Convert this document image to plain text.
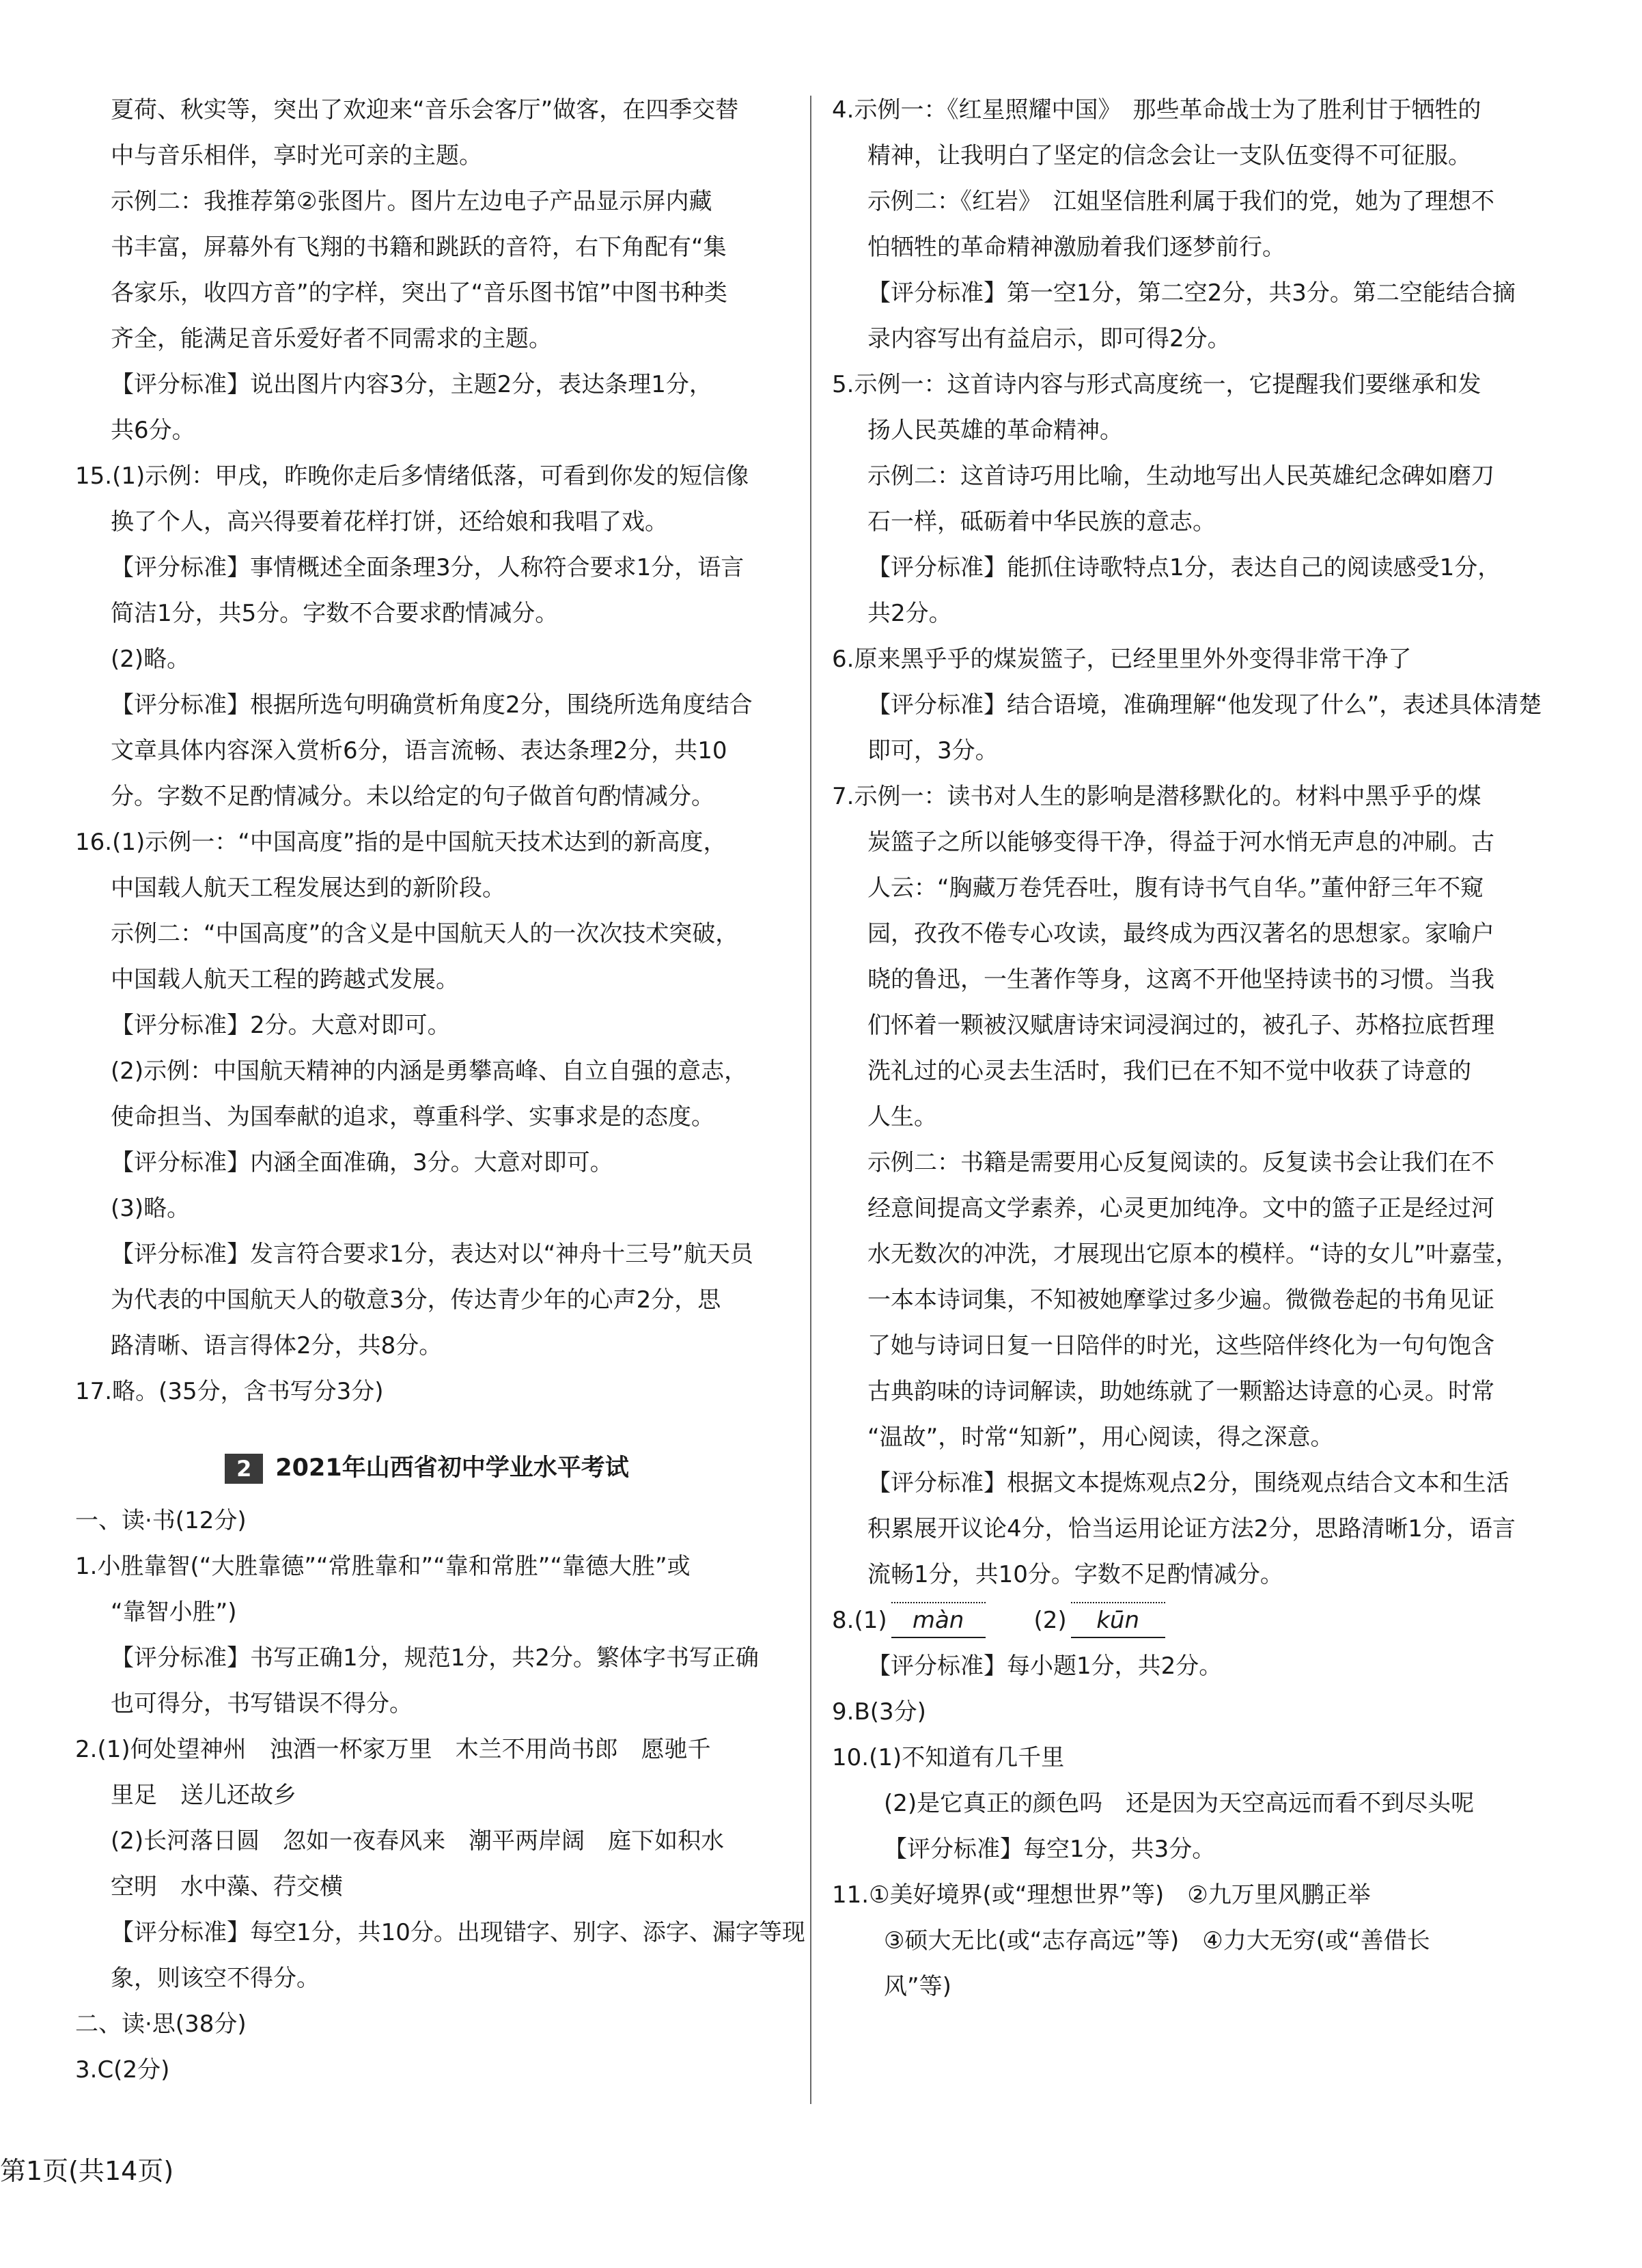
夏荷、秋实等，突出了欢迎来“音乐会客厅”做客，在四季交替

中与音乐相伴，享时光可亲的主题。

示例二：我推荐第②张图片。图片左边电子产品显示屏内藏

书丰富，屏幕外有飞翔的书籍和跳跃的音符，右下角配有“集

各家乐，收四方音”的字样，突出了“音乐图书馆”中图书种类

齐全，能满足音乐爱好者不同需求的主题。

【评分标准】说出图片内容3分，主题2分，表达条理1分，

共6分。

15.(1)示例：甲戌，昨晚你走后多情绪低落，可看到你发的短信像

换了个人，高兴得要着花样打饼，还给娘和我唱了戏。

【评分标准】事情概述全面条理3分，人称符合要求1分，语言

简洁1分，共5分。字数不合要求酌情减分。

(2)略。

【评分标准】根据所选句明确赏析角度2分，围绕所选角度结合

文章具体内容深入赏析6分，语言流畅、表达条理2分，共10

分。字数不足酌情减分。未以给定的句子做首句酌情减分。

16.(1)示例一：“中国高度”指的是中国航天技术达到的新高度，

中国载人航天工程发展达到的新阶段。

示例二：“中国高度”的含义是中国航天人的一次次技术突破，

中国载人航天工程的跨越式发展。

【评分标准】2分。大意对即可。

(2)示例：中国航天精神的内涵是勇攀高峰、自立自强的意志，

使命担当、为国奉献的追求，尊重科学、实事求是的态度。

【评分标准】内涵全面准确，3分。大意对即可。

(3)略。

【评分标准】发言符合要求1分，表达对以“神舟十三号”航天员

为代表的中国航天人的敬意3分，传达青少年的心声2分，思

路清晰、语言得体2分，共8分。

17.略。(35分，含书写分3分)

2 2021年山西省初中学业水平考试

一、读·书(12分)

1.小胜靠智(“大胜靠德”“常胜靠和”“靠和常胜”“靠德大胜”或

“靠智小胜”)

【评分标准】书写正确1分，规范1分，共2分。繁体字书写正确

也可得分，书写错误不得分。

2.(1)何处望神州　浊酒一杯家万里　木兰不用尚书郎　愿驰千

里足　送儿还故乡

(2)长河落日圆　忽如一夜春风来　潮平两岸阔　庭下如积水

空明　水中藻、荇交横

【评分标准】每空1分，共10分。出现错字、别字、添字、漏字等现

象，则该空不得分。

二、读·思(38分)

3.C(2分)

4.示例一：《红星照耀中国》　那些革命战士为了胜利甘于牺牲的

精神，让我明白了坚定的信念会让一支队伍变得不可征服。

示例二：《红岩》　江姐坚信胜利属于我们的党，她为了理想不

怕牺牲的革命精神激励着我们逐梦前行。

【评分标准】第一空1分，第二空2分，共3分。第二空能结合摘

录内容写出有益启示，即可得2分。

5.示例一：这首诗内容与形式高度统一，它提醒我们要继承和发

扬人民英雄的革命精神。

示例二：这首诗巧用比喻，生动地写出人民英雄纪念碑如磨刀

石一样，砥砺着中华民族的意志。

【评分标准】能抓住诗歌特点1分，表达自己的阅读感受1分，

共2分。

6.原来黑乎乎的煤炭篮子，已经里里外外变得非常干净了

【评分标准】结合语境，准确理解“他发现了什么”，表述具体清楚

即可，3分。

7.示例一：读书对人生的影响是潜移默化的。材料中黑乎乎的煤

炭篮子之所以能够变得干净，得益于河水悄无声息的冲刷。古

人云：“胸藏万卷凭吞吐，腹有诗书气自华。”董仲舒三年不窥

园，孜孜不倦专心攻读，最终成为西汉著名的思想家。家喻户

晓的鲁迅，一生著作等身，这离不开他坚持读书的习惯。当我

们怀着一颗被汉赋唐诗宋词浸润过的，被孔子、苏格拉底哲理

洗礼过的心灵去生活时，我们已在不知不觉中收获了诗意的

人生。

示例二：书籍是需要用心反复阅读的。反复读书会让我们在不

经意间提高文学素养，心灵更加纯净。文中的篮子正是经过河

水无数次的冲洗，才展现出它原本的模样。“诗的女儿”叶嘉莹，

一本本诗词集，不知被她摩挲过多少遍。微微卷起的书角见证

了她与诗词日复一日陪伴的时光，这些陪伴终化为一句句饱含

古典韵味的诗词解读，助她练就了一颗豁达诗意的心灵。时常

“温故”，时常“知新”，用心阅读，得之深意。

【评分标准】根据文本提炼观点2分，围绕观点结合文本和生活

积累展开议论4分，恰当运用论证方法2分，思路清晰1分，语言

流畅1分，共10分。字数不足酌情减分。

8.(1) màn	(2) kūn

【评分标准】每小题1分，共2分。

9.B(3分)

10.(1)不知道有几千里

(2)是它真正的颜色吗　还是因为天空高远而看不到尽头呢

【评分标准】每空1分，共3分。

11.①美好境界(或“理想世界”等)　②九万里风鹏正举

③硕大无比(或“志存高远”等)　④力大无穷(或“善借长

风”等)

第1页(共14页)
